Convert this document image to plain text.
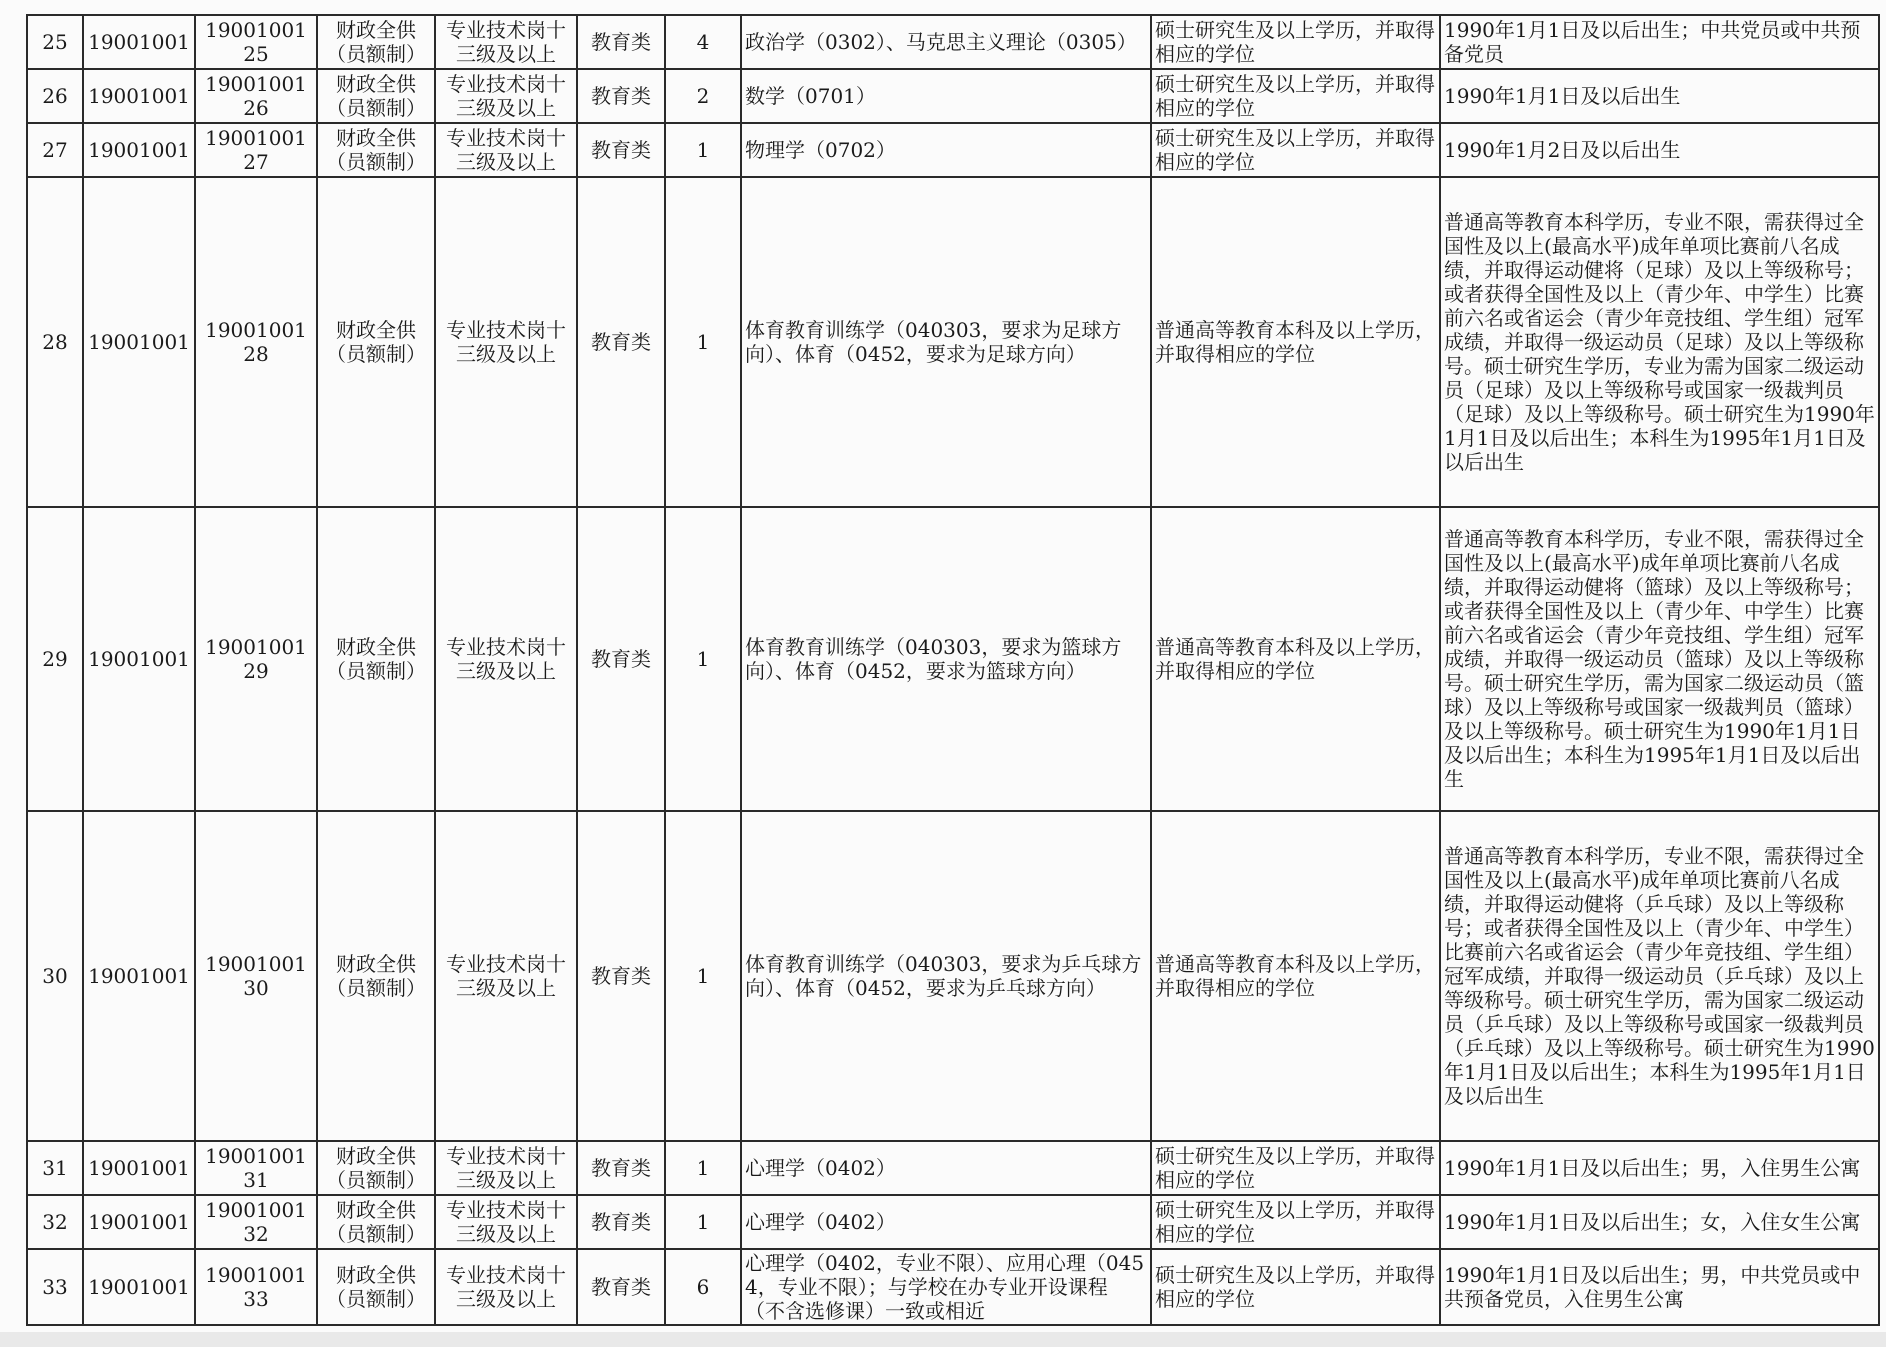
25	19001001	1900100125	财政全供（员额制）	专业技术岗十三级及以上	教育类	4	政治学（0302）、马克思主义理论（0305）	硕士研究生及以上学历，并取得相应的学位	1990年1月1日及以后出生；中共党员或中共预备党员
26	19001001	1900100126	财政全供（员额制）	专业技术岗十三级及以上	教育类	2	数学（0701）	硕士研究生及以上学历，并取得相应的学位	1990年1月1日及以后出生
27	19001001	1900100127	财政全供（员额制）	专业技术岗十三级及以上	教育类	1	物理学（0702）	硕士研究生及以上学历，并取得相应的学位	1990年1月2日及以后出生
28	19001001	1900100128	财政全供（员额制）	专业技术岗十三级及以上	教育类	1	体育教育训练学（040303，要求为足球方向）、体育（0452，要求为足球方向）	普通高等教育本科及以上学历，并取得相应的学位	普通高等教育本科学历，专业不限，需获得过全国性及以上(最高水平)成年单项比赛前八名成绩，并取得运动健将（足球）及以上等级称号；或者获得全国性及以上（青少年、中学生）比赛前六名或省运会（青少年竞技组、学生组）冠军成绩，并取得一级运动员（足球）及以上等级称号。硕士研究生学历，专业为需为国家二级运动员（足球）及以上等级称号或国家一级裁判员（足球）及以上等级称号。硕士研究生为1990年1月1日及以后出生；本科生为1995年1月1日及以后出生
29	19001001	1900100129	财政全供（员额制）	专业技术岗十三级及以上	教育类	1	体育教育训练学（040303，要求为篮球方向）、体育（0452，要求为篮球方向）	普通高等教育本科及以上学历，并取得相应的学位	普通高等教育本科学历，专业不限，需获得过全国性及以上(最高水平)成年单项比赛前八名成绩，并取得运动健将（篮球）及以上等级称号；或者获得全国性及以上（青少年、中学生）比赛前六名或省运会（青少年竞技组、学生组）冠军成绩，并取得一级运动员（篮球）及以上等级称号。硕士研究生学历，需为国家二级运动员（篮球）及以上等级称号或国家一级裁判员（篮球）及以上等级称号。硕士研究生为1990年1月1日及以后出生；本科生为1995年1月1日及以后出生
30	19001001	1900100130	财政全供（员额制）	专业技术岗十三级及以上	教育类	1	体育教育训练学（040303，要求为乒乓球方向）、体育（0452，要求为乒乓球方向）	普通高等教育本科及以上学历，并取得相应的学位	普通高等教育本科学历，专业不限，需获得过全国性及以上(最高水平)成年单项比赛前八名成绩，并取得运动健将（乒乓球）及以上等级称号；或者获得全国性及以上（青少年、中学生）比赛前六名或省运会（青少年竞技组、学生组）冠军成绩，并取得一级运动员（乒乓球）及以上等级称号。硕士研究生学历，需为国家二级运动员（乒乓球）及以上等级称号或国家一级裁判员（乒乓球）及以上等级称号。硕士研究生为1990年1月1日及以后出生；本科生为1995年1月1日及以后出生
31	19001001	1900100131	财政全供（员额制）	专业技术岗十三级及以上	教育类	1	心理学（0402）	硕士研究生及以上学历，并取得相应的学位	1990年1月1日及以后出生；男，入住男生公寓
32	19001001	1900100132	财政全供（员额制）	专业技术岗十三级及以上	教育类	1	心理学（0402）	硕士研究生及以上学历，并取得相应的学位	1990年1月1日及以后出生；女，入住女生公寓
33	19001001	1900100133	财政全供（员额制）	专业技术岗十三级及以上	教育类	6	心理学（0402，专业不限）、应用心理（0454，专业不限）；与学校在办专业开设课程（不含选修课）一致或相近	硕士研究生及以上学历，并取得相应的学位	1990年1月1日及以后出生；男，中共党员或中共预备党员，入住男生公寓
